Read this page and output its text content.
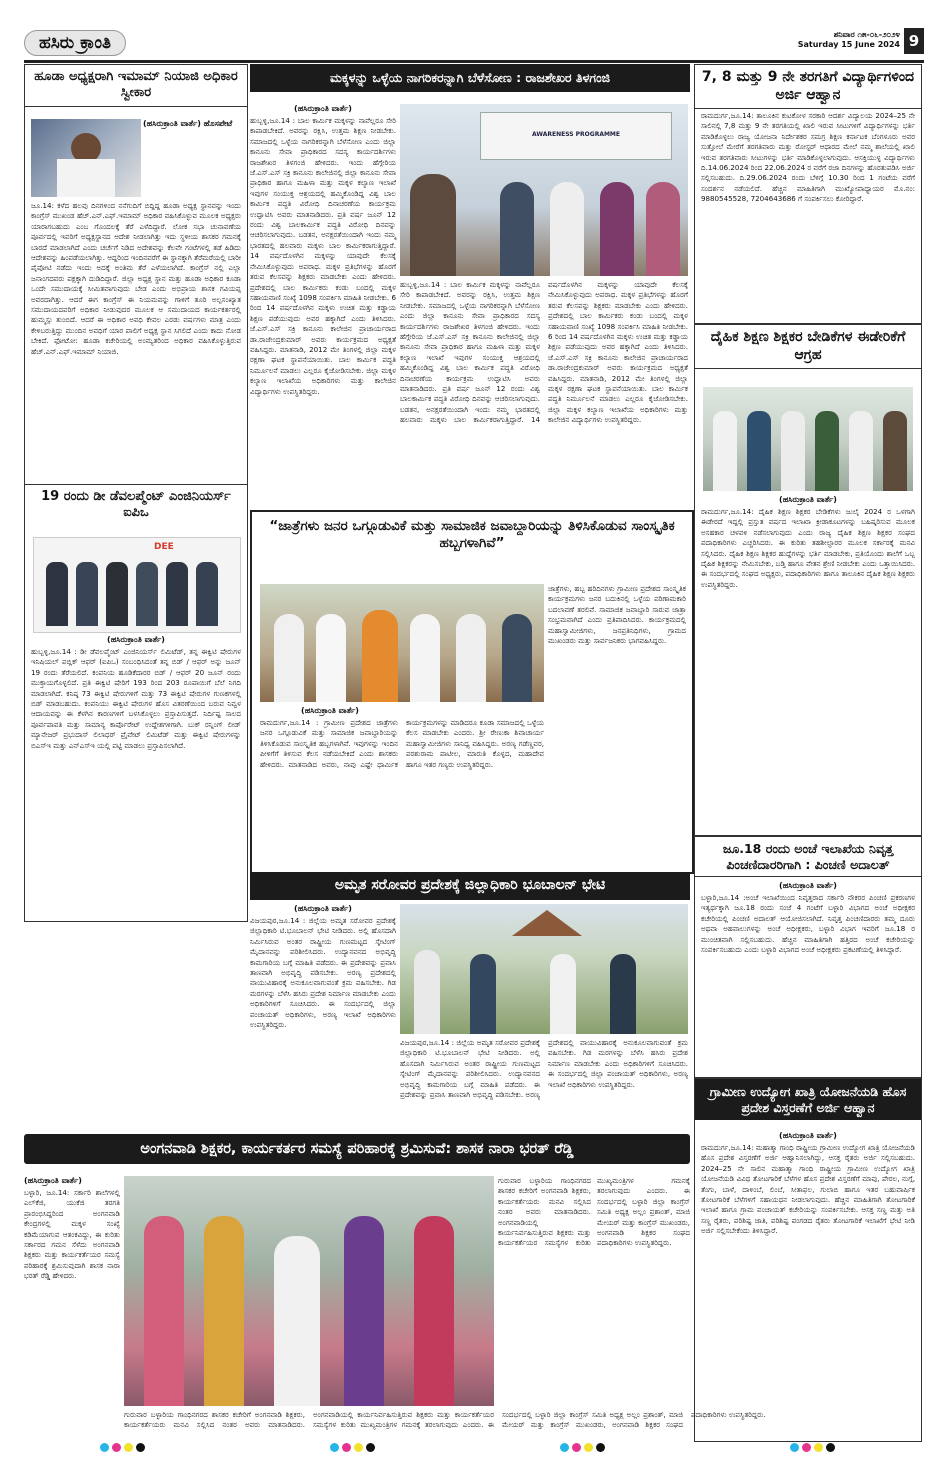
ಹಸಿರು ಕ್ರಾಂತಿ	ಶನಿವಾರ ೧೫-೦೬-೨೦೨೪
Saturday 15 June 2024 9
ಹೂಡಾ ಅಧ್ಯಕ್ಷರಾಗಿ ಇಮಾಮ್ ನಿಯಾಜಿ ಅಧಿಕಾರ ಸ್ವೀಕಾರ
(ಹಸಿರುಕ್ರಾಂತಿ ವಾರ್ತೆ) ಹೊಸಪೇಟೆ
ಜೂ.14: ಕಳೆದ ಹಲವು ದಿನಗಳಿಂದ ನನೆಗುದಿಗೆ ಬಿದ್ದಿದ್ದ ಹೂಡಾ ಅಧ್ಯಕ್ಷ ಸ್ಥಾನವನ್ನು ಇಂದು ಕಾಂಗ್ರೆಸ್ ಮುಖಂಡ ಹೆಚ್.ಎನ್.ಎಫ್.ಇಮಾಮ್ ಅಧಿಕಾರ ವಹಿಸಿಕೊಳ್ಳುವ ಮೂಲಕ ಅಧ್ಯಕ್ಷರು ಯಾರಾಗಬಹುದು ಎಂಬ ಗೊಂದಲಕ್ಕೆ ತೆರೆ ಎಳೆದಿದ್ದಾರೆ. ಲೋಕ ಸಭಾ ಚುನಾವಣೆಯ ಪೂರ್ವದಲ್ಲಿ ಇವರಿಗೆ ಅಧ್ಯಕ್ಷಸ್ಥಾನದ ಆದೇಶ ನೀಡಲಾಗಿತ್ತು ಇದು ಸ್ಥಳೀಯ ಶಾಸಕರ ಗಮನಕ್ಕೆ ಬಾರದೆ ಮಾಡಲಾಗಿದೆ ಎಂದು ಚರ್ಚೆಗೆ ನಿಡಿದ ಅದೇಶವನ್ನು ಕೆಲವೇ ಗಂಟೆಗಳಲ್ಲಿ ತಡೆ ಹಿಡಿದು ಆದೇಶವನ್ನು ಹಿಂಪಡೆಯಲಾಗಿತ್ತು. ಆದ್ದರಿಂದ ಇಂದಿನವರೆಗೆ ಈ ಸ್ಥಾನಕ್ಕಾಗಿ ತೆರೆಮರೆಯಲ್ಲಿ ಬಾರೀ ಪೈಪೋಟಿ ನಡೆದು ಇಂದು ಅದಕ್ಕೆ ಅಂತಿಮ ತೆರೆ ಎಳೆಯಲಾಗಿದೆ. ಕಾಂಗ್ರೆಸ್ ನಲ್ಲಿ ಎಲ್ಲಾ ಜನಾಂಗದವರು ಪಕ್ಷಕ್ಕಾಗಿ ದುಡಿದಿದ್ದಾರೆ. ಜಿಲ್ಲಾ ಅಧ್ಯಕ್ಷ ಸ್ಥಾನ ಮತ್ತು ಹೂಡಾ ಅಧಿಕಾರ ಕೂಡಾ ಒಂದೇ ಸಮುದಾಯಕ್ಕೆ ಸೀಮಿತವಾಗುವುದು ಬೇಡ ಎಂದು ಅಭಿಪ್ರಾಯ ಶಾಸಕ ಗವಿಯಪ್ಪ ಅವರದಾಗಿತ್ತು. ಆದರೆ ಈಗ ಕಾಂಗ್ರೆಸ್ ಈ ನಿಯಮವನ್ನು ಗಾಳಿಗೆ ತೂರಿ ಅಲ್ಪಸಂಖ್ಯಾತ ಸಮುದಾಯದವರಿಗೆ ಅಧಿಕಾರ ನೀಡುವುದರ ಮೂಲಕ ಆ ಸಮುದಾಯದ ಕಾರ್ಯಕರ್ತರಲ್ಲಿ ಹುಮ್ಮಸ್ಸು ತುಂಬಿದೆ. ಆದರೆ ಈ ಅಧಿಕಾರ ಅವಧಿ ಕೇವಲ ಎರಡು ವರ್ಷಗಳು ಮಾತ್ರ ಎಂದು ಕೇಳಿಬರುತ್ತಿದ್ದು ಮುಂದಿನ ಅವಧಿಗೆ ಯಾರ ಪಾಲಿಗೆ ಅಧ್ಯಕ್ಷ ಸ್ಥಾನ ಸಿಗಲಿದೆ ಎಂದು ಕಾದು ನೋಡ ಬೇಕಿದೆ. ಫೋಟೋ: ಹೂಡಾ ಕಚೇರಿಯಲ್ಲಿ ಅಂಮ್ಯತರಿಂದ ಅಧಿಕಾರ ವಹಿಸಿಕೊಳ್ಳುತ್ತಿರುವ ಹೆಚ್.ಎನ್.ಎಫ್.ಇಮಾಮ್ ನಿಯಾಜಿ.
19 ರಂದು ಡೀ ಡೆವಲಪ್ಮೆಂಟ್ ಎಂಜಿನಿಯರ್ಸ್ ಐಪಿಒ
DEE
(ಹಸಿರುಕ್ರಾಂತಿ ವಾರ್ತೆ)
ಹುಬ್ಬಳ್ಳಿ,ಜೂ.14 : ಡೀ ಡೆವಲಪ್ಮೆಂಟ್ ಎಂಜಿನಿಯರ್ಸ್ ಲಿಮಿಟೆಡ್, ತನ್ನ ಈಕ್ವಿಟಿ ಷೇರುಗಳ ಇನಿಷಿಯಲ್ ಪಬ್ಲಿಕ್ ಆಫರ್ (ಐಪಿಒ) ಸಂಬಂಧಿಸಿದಂತೆ ತನ್ನ ಬಿಡ್ / ಆಫರ್ ಅನ್ನು ಜೂನ್ 19 ರಂದು ತೆರೆಯಲಿದೆ. ಕಂಪನಿಯ ಹೂಡಿಕೆದಾರರ ಬಿಡ್ / ಆಫರ್ 20 ಜೂನ್ ರಂದು ಮುಕ್ತಾಯಗೊಳ್ಳಲಿದೆ. ಪ್ರತಿ ಈಕ್ವಿಟಿ ಷೇರಿಗೆ 193 ರಿಂದ 203 ರೂಪಾಯಿಗೆ ಬೆಲೆ ನಿಗದಿ ಮಾಡಲಾಗಿದೆ. ಕನಿಷ್ಠ 73 ಈಕ್ವಿಟಿ ಷೇರುಗಳಿಗೆ ಮತ್ತು 73 ಈಕ್ವಿಟಿ ಷೇರುಗಳ ಗುಣಕಗಳಲ್ಲಿ ಬಿಡ್ ಮಾಡಬಹುದು. ಕಂಪನಿಯು ಈಕ್ವಿಟಿ ಷೇರುಗಳ ಹೊಸ ವಿತರಣೆಯಿಂದ ಬರುವ ನಿವ್ವಳ ಆದಾಯವನ್ನು ಈ ಕೆಳಗಿನ ಕಾರಣಗಳಿಗೆ ಬಳಸಿಕೊಳ್ಳಲು ಪ್ರಸ್ತಾಪಿಸುತ್ತದೆ. ನಿರ್ದಿಷ್ಟ ಸಾಲದ ಪೂರ್ವಪಾವತಿ ಮತ್ತು ಸಾಮಾನ್ಯ ಕಾರ್ಪೊರೇಟ್ ಉದ್ದೇಶಗಳಿಗಾಗಿ. ಬುಕ್ ರನ್ನಿಂಗ್ ಲೀಡ್ ಮ್ಯಾನೇಜರ್ ಪ್ರಭುದಾಸ್ ಲಿಲಾಧರ್ ಪ್ರೈವೇಟ್ ಲಿಮಿಟೆಡ್ ಮತ್ತು ಈಕ್ವಿಟಿ ಷೇರುಗಳನ್ನು ಬಿಎಸ್‌ಇ ಮತ್ತು ಎನ್‌ಎಸ್‌ಇ ಯಲ್ಲಿ ಪಟ್ಟಿ ಮಾಡಲು ಪ್ರಸ್ತಾಪಿಸಲಾಗಿದೆ.
ಮಕ್ಕಳನ್ನು ಒಳ್ಳೆಯ ನಾಗರಿಕರನ್ನಾಗಿ ಬೆಳೆಸೋಣ : ರಾಜಶೇಖರ ತಿಳಗಂಜಿ
(ಹಸಿರುಕ್ರಾಂತಿ ವಾರ್ತೆ)
AWARENESS PROGRAMME
ಹುಬ್ಬಳ್ಳಿ,ಜೂ.14 : ಬಾಲ ಕಾರ್ಮಿಕ ಮಕ್ಕಳನ್ನು ನಾವೆಲ್ಲರೂ ಸೇರಿ ಕಾಪಾಡಬೇಕಿದೆ. ಅವರನ್ನು ರಕ್ಷಿಸಿ, ಉತ್ತಮ ಶಿಕ್ಷಣ ನೀಡಬೇಕು. ಸಮಾಜದಲ್ಲಿ ಒಳ್ಳೆಯ ನಾಗರಿಕರನ್ನಾಗಿ ಬೆಳೆಸೋಣ ಎಂದು ಜಿಲ್ಲಾ ಕಾನೂನು ಸೇವಾ ಪ್ರಾಧಿಕಾರದ ಸದಸ್ಯ ಕಾರ್ಯದರ್ಶಿಗಳು ರಾಜಶೇಖರ ತಿಳಗಂಜಿ ಹೇಳಿದರು. ಇಂದು ಹೆಗ್ಗೇರಿಯ ಜೆ.ಎಸ್.ಎಸ್ ಸಕ್ರಿ ಕಾನೂನು ಕಾಲೇಜಿನಲ್ಲಿ ಜಿಲ್ಲಾ ಕಾನೂನು ಸೇವಾ ಪ್ರಾಧಿಕಾರ ಹಾಗೂ ಮಹಿಳಾ ಮತ್ತು ಮಕ್ಕಳ ಕಲ್ಯಾಣ ಇಲಾಖೆ ಇವುಗಳ ಸಂಯುಕ್ತ ಆಶ್ರಯದಲ್ಲಿ ಹಮ್ಮಿಕೊಂಡಿದ್ದ ವಿಶ್ವ ಬಾಲ ಕಾರ್ಮಿಕ ಪದ್ಧತಿ ವಿರೋಧಿ ದಿನಾಚರಣೆಯ ಕಾರ್ಯಕ್ರಮ ಉದ್ಘಾಟಿಸಿ ಅವರು ಮಾತನಾಡಿದರು. ಪ್ರತಿ ವರ್ಷ ಜೂನ್ 12 ರಂದು ವಿಶ್ವ ಬಾಲಕಾರ್ಮಿಕ ಪದ್ಧತಿ ವಿರೋಧಿ ದಿನವನ್ನು ಆಚರಿಸಲಾಗುವುದು. ಬಡತನ, ಅನಕ್ಷರತೆಯಿಂದಾಗಿ ಇಂದು ನಮ್ಮ ಭಾರತದಲ್ಲಿ ಹಲವಾರು ಮಕ್ಕಳು ಬಾಲ ಕಾರ್ಮಿಕರಾಗುತ್ತಿದ್ದಾರೆ. 14 ವರ್ಷದೊಳಗಿನ ಮಕ್ಕಳನ್ನು ಯಾವುದೇ ಕೆಲಸಕ್ಕೆ ನೇಮಿಸಿಕೊಳ್ಳುವುದು ಅಪರಾಧ. ಮಕ್ಕಳ ಪ್ರತಿಭೆಗಳನ್ನು ಹೊರಗೆ ತರುವ ಕೆಲಸವನ್ನು ಶಿಕ್ಷಕರು ಮಾಡಬೇಕು ಎಂದು ಹೇಳಿದರು. ಪ್ರದೇಶದಲ್ಲಿ ಬಾಲ ಕಾರ್ಮಿಕರು ಕಂಡು ಬಂದಲ್ಲಿ ಮಕ್ಕಳ ಸಹಾಯವಾಣಿ ಸಂಖ್ಯೆ 1098 ಸಂಪರ್ಕಿಸಿ ಮಾಹಿತಿ ನೀಡಬೇಕು. 6 ರಿಂದ 14 ವರ್ಷದೊಳಗಿನ ಮಕ್ಕಳು ಉಚಿತ ಮತ್ತು ಕಡ್ಡಾಯ ಶಿಕ್ಷಣ ಪಡೆಯುವುದು ಅವರ ಹಕ್ಕಾಗಿದೆ ಎಂದು ತಿಳಿಸಿದರು. ಜೆ.ಎಸ್.ಎಸ್ ಸಕ್ರಿ ಕಾನೂನು ಕಾಲೇಜಿನ ಪ್ರಾಚಾರ್ಯರಾದ ಡಾ.ರಾಜೇಂದ್ರಕುಮಾರ್ ಅವರು ಕಾರ್ಯಕ್ರಮದ ಅಧ್ಯಕ್ಷತೆ ವಹಿಸಿದ್ದರು. ಮಾತನಾಡಿ, 2012 ಮೇ ತಿಂಗಳಲ್ಲಿ ಜಿಲ್ಲಾ ಮಕ್ಕಳ ರಕ್ಷಣಾ ಘಟಕ ಸ್ಥಾಪನೆಯಾಯಿತು. ಬಾಲ ಕಾರ್ಮಿಕ ಪದ್ಧತಿ ನಿರ್ಮೂಲನೆ ಮಾಡಲು ಎಲ್ಲರೂ ಕೈಜೋಡಿಸಬೇಕು. ಜಿಲ್ಲಾ ಮಕ್ಕಳ ಕಲ್ಯಾಣ ಇಲಾಖೆಯ ಅಧಿಕಾರಿಗಳು ಮತ್ತು ಕಾಲೇಜಿನ ವಿದ್ಯಾರ್ಥಿಗಳು ಉಪಸ್ಥಿತರಿದ್ದರು.
ಹುಬ್ಬಳ್ಳಿ,ಜೂ.14 : ಬಾಲ ಕಾರ್ಮಿಕ ಮಕ್ಕಳನ್ನು ನಾವೆಲ್ಲರೂ ಸೇರಿ ಕಾಪಾಡಬೇಕಿದೆ. ಅವರನ್ನು ರಕ್ಷಿಸಿ, ಉತ್ತಮ ಶಿಕ್ಷಣ ನೀಡಬೇಕು. ಸಮಾಜದಲ್ಲಿ ಒಳ್ಳೆಯ ನಾಗರಿಕರನ್ನಾಗಿ ಬೆಳೆಸೋಣ ಎಂದು ಜಿಲ್ಲಾ ಕಾನೂನು ಸೇವಾ ಪ್ರಾಧಿಕಾರದ ಸದಸ್ಯ ಕಾರ್ಯದರ್ಶಿಗಳು ರಾಜಶೇಖರ ತಿಳಗಂಜಿ ಹೇಳಿದರು. ಇಂದು ಹೆಗ್ಗೇರಿಯ ಜೆ.ಎಸ್.ಎಸ್ ಸಕ್ರಿ ಕಾನೂನು ಕಾಲೇಜಿನಲ್ಲಿ ಜಿಲ್ಲಾ ಕಾನೂನು ಸೇವಾ ಪ್ರಾಧಿಕಾರ ಹಾಗೂ ಮಹಿಳಾ ಮತ್ತು ಮಕ್ಕಳ ಕಲ್ಯಾಣ ಇಲಾಖೆ ಇವುಗಳ ಸಂಯುಕ್ತ ಆಶ್ರಯದಲ್ಲಿ ಹಮ್ಮಿಕೊಂಡಿದ್ದ ವಿಶ್ವ ಬಾಲ ಕಾರ್ಮಿಕ ಪದ್ಧತಿ ವಿರೋಧಿ ದಿನಾಚರಣೆಯ ಕಾರ್ಯಕ್ರಮ ಉದ್ಘಾಟಿಸಿ ಅವರು ಮಾತನಾಡಿದರು. ಪ್ರತಿ ವರ್ಷ ಜೂನ್ 12 ರಂದು ವಿಶ್ವ ಬಾಲಕಾರ್ಮಿಕ ಪದ್ಧತಿ ವಿರೋಧಿ ದಿನವನ್ನು ಆಚರಿಸಲಾಗುವುದು. ಬಡತನ, ಅನಕ್ಷರತೆಯಿಂದಾಗಿ ಇಂದು ನಮ್ಮ ಭಾರತದಲ್ಲಿ ಹಲವಾರು ಮಕ್ಕಳು ಬಾಲ ಕಾರ್ಮಿಕರಾಗುತ್ತಿದ್ದಾರೆ. 14 ವರ್ಷದೊಳಗಿನ ಮಕ್ಕಳನ್ನು ಯಾವುದೇ ಕೆಲಸಕ್ಕೆ ನೇಮಿಸಿಕೊಳ್ಳುವುದು ಅಪರಾಧ. ಮಕ್ಕಳ ಪ್ರತಿಭೆಗಳನ್ನು ಹೊರಗೆ ತರುವ ಕೆಲಸವನ್ನು ಶಿಕ್ಷಕರು ಮಾಡಬೇಕು ಎಂದು ಹೇಳಿದರು. ಪ್ರದೇಶದಲ್ಲಿ ಬಾಲ ಕಾರ್ಮಿಕರು ಕಂಡು ಬಂದಲ್ಲಿ ಮಕ್ಕಳ ಸಹಾಯವಾಣಿ ಸಂಖ್ಯೆ 1098 ಸಂಪರ್ಕಿಸಿ ಮಾಹಿತಿ ನೀಡಬೇಕು. 6 ರಿಂದ 14 ವರ್ಷದೊಳಗಿನ ಮಕ್ಕಳು ಉಚಿತ ಮತ್ತು ಕಡ್ಡಾಯ ಶಿಕ್ಷಣ ಪಡೆಯುವುದು ಅವರ ಹಕ್ಕಾಗಿದೆ ಎಂದು ತಿಳಿಸಿದರು. ಜೆ.ಎಸ್.ಎಸ್ ಸಕ್ರಿ ಕಾನೂನು ಕಾಲೇಜಿನ ಪ್ರಾಚಾರ್ಯರಾದ ಡಾ.ರಾಜೇಂದ್ರಕುಮಾರ್ ಅವರು ಕಾರ್ಯಕ್ರಮದ ಅಧ್ಯಕ್ಷತೆ ವಹಿಸಿದ್ದರು. ಮಾತನಾಡಿ, 2012 ಮೇ ತಿಂಗಳಲ್ಲಿ ಜಿಲ್ಲಾ ಮಕ್ಕಳ ರಕ್ಷಣಾ ಘಟಕ ಸ್ಥಾಪನೆಯಾಯಿತು. ಬಾಲ ಕಾರ್ಮಿಕ ಪದ್ಧತಿ ನಿರ್ಮೂಲನೆ ಮಾಡಲು ಎಲ್ಲರೂ ಕೈಜೋಡಿಸಬೇಕು. ಜಿಲ್ಲಾ ಮಕ್ಕಳ ಕಲ್ಯಾಣ ಇಲಾಖೆಯ ಅಧಿಕಾರಿಗಳು ಮತ್ತು ಕಾಲೇಜಿನ ವಿದ್ಯಾರ್ಥಿಗಳು ಉಪಸ್ಥಿತರಿದ್ದರು.
“ಜಾತ್ರೆಗಳು ಜನರ ಒಗ್ಗೂಡುವಿಕೆ ಮತ್ತು ಸಾಮಾಜಿಕ ಜವಾಬ್ದಾರಿಯನ್ನು ತಿಳಿಸಿಕೊಡುವ ಸಾಂಸ್ಕೃತಿಕ ಹಬ್ಬಗಳಾಗಿವೆ”
(ಹಸಿರುಕ್ರಾಂತಿ ವಾರ್ತೆ)
ಜಾತ್ರೆಗಳು, ಹಬ್ಬ ಹರಿದಿನಗಳು ಗ್ರಾಮೀಣ ಪ್ರದೇಶದ ಸಾಂಸ್ಕೃತಿಕ ಕಾರ್ಯಕ್ರಮಗಳು ಜನರ ಬದುಕಿನಲ್ಲಿ ಒಳ್ಳೆಯ ಪರಿಣಾಮಕಾರಿ ಬದಲಾವಣೆ ತರಲಿವೆ. ಸಾಮಾಜಿಕ ಜವಾಬ್ದಾರಿ ಸಾರುವ ಜಾತ್ರಾ ಸಂಭ್ರಮವಾಗಿದೆ ಎಂದು ಪ್ರತಿಪಾದಿಸಿದರು. ಕಾರ್ಯಕ್ರಮದಲ್ಲಿ ಮಹಾಸ್ವಾಮೀಜಿಗಳು, ಜನಪ್ರತಿನಿಧಿಗಳು, ಗ್ರಾಮದ ಮುಖಂಡರು ಮತ್ತು ಸಾರ್ವಜನಿಕರು ಭಾಗವಹಿಸಿದ್ದರು.
ರಾಮದುರ್ಗ,ಜೂ.14 : ಗ್ರಾಮೀಣ ಪ್ರದೇಶದ ಜಾತ್ರೆಗಳು ಜನರ ಒಗ್ಗೂಡುವಿಕೆ ಮತ್ತು ಸಾಮಾಜಿಕ ಜವಾಬ್ದಾರಿಯನ್ನು ತಿಳಿಸಿಕೊಡುವ ಸಾಂಸ್ಕೃತಿಕ ಹಬ್ಬಗಳಾಗಿವೆ. ಇವುಗಳನ್ನು ಇಂದಿನ ಪೀಳಿಗೆಗೆ ತಿಳಿಸುವ ಕೆಲಸ ನಡೆಯಬೇಕಿದೆ ಎಂದು ಶಾಸಕರು ಹೇಳಿದರು. ಮಾತನಾಡಿದ ಅವರು, ನಾವು ಎಷ್ಟೇ ಧಾರ್ಮಿಕ ಕಾರ್ಯಕ್ರಮಗಳನ್ನು ಮಾಡಿದರೂ ಕೂಡಾ ಸಮಾಜದಲ್ಲಿ ಒಳ್ಳೆಯ ಕೆಲಸ ಮಾಡಬೇಕು ಎಂದರು. ಶ್ರೀ ರೇಣುಕಾ ಶಿವಾಚಾರ್ಯ ಮಹಾಸ್ವಾಮೀಜಿಗಳು ಸಾನಿಧ್ಯ ವಹಿಸಿದ್ದರು. ಅರಣ್ಯ ಗಡೆಣ್ಣವರ, ಪರಶುರಾಮ ಪಾಟೀಲ, ಮಾರುತಿ ಕೊಳ್ಳದ, ಮಹಾದೇವ ಹಾಗೂ ಇತರ ಗಣ್ಯರು ಉಪಸ್ಥಿತರಿದ್ದರು.
ಅಮೃತ ಸರೋವರ ಪ್ರದೇಶಕ್ಕೆ ಜಿಲ್ಲಾಧಿಕಾರಿ ಭೂಬಾಲನ್ ಭೇಟಿ
(ಹಸಿರುಕ್ರಾಂತಿ ವಾರ್ತೆ)
ವಿಜಯಪುರ,ಜೂ.14 : ಜಿಲ್ಲೆಯ ಅಮೃತ ಸರೋವರ ಪ್ರದೇಶಕ್ಕೆ ಜಿಲ್ಲಾಧಿಕಾರಿ ಟಿ.ಭೂಬಾಲನ್ ಭೇಟಿ ನೀಡಿದರು. ಅಲ್ಲಿ ಹೊಸದಾಗಿ ನಿರ್ಮಿಸಿರುವ ಅಂತರ ರಾಷ್ಟ್ರೀಯ ಗುಣಮಟ್ಟದ ಸ್ಕೇಟಿಂಗ್ ಮೈದಾನವನ್ನು ಪರಿಶೀಲಿಸಿದರು. ಉದ್ಯಾನವನದ ಅಭಿವೃದ್ಧಿ ಕಾಮಗಾರಿಯ ಬಗ್ಗೆ ಮಾಹಿತಿ ಪಡೆದರು. ಈ ಪ್ರದೇಶವನ್ನು ಪ್ರವಾಸಿ ತಾಣವಾಗಿ ಅಭಿವೃದ್ಧಿ ಪಡಿಸಬೇಕು. ಅರಣ್ಯ ಪ್ರದೇಶದಲ್ಲಿ ವಾಯುವಿಹಾರಕ್ಕೆ ಅನುಕೂಲವಾಗುವಂತೆ ಕ್ರಮ ವಹಿಸಬೇಕು. ಗಿಡ ಮರಗಳನ್ನು ಬೆಳೆಸಿ ಹಸಿರು ಪ್ರದೇಶ ನಿರ್ಮಾಣ ಮಾಡಬೇಕು ಎಂದು ಅಧಿಕಾರಿಗಳಿಗೆ ಸೂಚಿಸಿದರು. ಈ ಸಂದರ್ಭದಲ್ಲಿ ಜಿಲ್ಲಾ ಪಂಚಾಯತ್ ಅಧಿಕಾರಿಗಳು, ಅರಣ್ಯ ಇಲಾಖೆ ಅಧಿಕಾರಿಗಳು ಉಪಸ್ಥಿತರಿದ್ದರು.
ವಿಜಯಪುರ,ಜೂ.14 : ಜಿಲ್ಲೆಯ ಅಮೃತ ಸರೋವರ ಪ್ರದೇಶಕ್ಕೆ ಜಿಲ್ಲಾಧಿಕಾರಿ ಟಿ.ಭೂಬಾಲನ್ ಭೇಟಿ ನೀಡಿದರು. ಅಲ್ಲಿ ಹೊಸದಾಗಿ ನಿರ್ಮಿಸಿರುವ ಅಂತರ ರಾಷ್ಟ್ರೀಯ ಗುಣಮಟ್ಟದ ಸ್ಕೇಟಿಂಗ್ ಮೈದಾನವನ್ನು ಪರಿಶೀಲಿಸಿದರು. ಉದ್ಯಾನವನದ ಅಭಿವೃದ್ಧಿ ಕಾಮಗಾರಿಯ ಬಗ್ಗೆ ಮಾಹಿತಿ ಪಡೆದರು. ಈ ಪ್ರದೇಶವನ್ನು ಪ್ರವಾಸಿ ತಾಣವಾಗಿ ಅಭಿವೃದ್ಧಿ ಪಡಿಸಬೇಕು. ಅರಣ್ಯ ಪ್ರದೇಶದಲ್ಲಿ ವಾಯುವಿಹಾರಕ್ಕೆ ಅನುಕೂಲವಾಗುವಂತೆ ಕ್ರಮ ವಹಿಸಬೇಕು. ಗಿಡ ಮರಗಳನ್ನು ಬೆಳೆಸಿ ಹಸಿರು ಪ್ರದೇಶ ನಿರ್ಮಾಣ ಮಾಡಬೇಕು ಎಂದು ಅಧಿಕಾರಿಗಳಿಗೆ ಸೂಚಿಸಿದರು. ಈ ಸಂದರ್ಭದಲ್ಲಿ ಜಿಲ್ಲಾ ಪಂಚಾಯತ್ ಅಧಿಕಾರಿಗಳು, ಅರಣ್ಯ ಇಲಾಖೆ ಅಧಿಕಾರಿಗಳು ಉಪಸ್ಥಿತರಿದ್ದರು.
ಅಂಗನವಾಡಿ ಶಿಕ್ಷಕರ, ಕಾರ್ಯಕರ್ತರ ಸಮಸ್ಯೆ ಪರಿಹಾರಕ್ಕೆ ಶ್ರಮಿಸುವೆ: ಶಾಸಕ ನಾರಾ ಭರತ್ ರೆಡ್ಡಿ
(ಹಸಿರುಕ್ರಾಂತಿ ವಾರ್ತೆ)
ಬಳ್ಳಾರಿ, ಜೂ.14: ಸರ್ಕಾರಿ ಶಾಲೆಗಳಲ್ಲಿ ಎಲ್‌ಕೆಜಿ, ಯುಕೆಜಿ ತರಗತಿ ಪ್ರಾರಂಭಿಸಿದ್ದರಿಂದ ಅಂಗನವಾಡಿ ಕೇಂದ್ರಗಳಲ್ಲಿ ಮಕ್ಕಳ ಸಂಖ್ಯೆ ಕಡಿಮೆಯಾಗುವ ಆತಂಕವಿದ್ದು, ಈ ಕುರಿತು ಸರ್ಕಾರದ ಗಮನ ಸೆಳೆದು ಅಂಗನವಾಡಿ ಶಿಕ್ಷಕರು ಮತ್ತು ಕಾರ್ಯಕರ್ತೆಯರ ಸಮಸ್ಯೆ ಪರಿಹಾರಕ್ಕೆ ಶ್ರಮಿಸುವುದಾಗಿ ಶಾಸಕ ನಾರಾ ಭರತ್ ರೆಡ್ಡಿ ಹೇಳಿದರು.
ಗುರುವಾರ ಬಳ್ಳಾರಿಯ ಗಾಂಧಿನಗರದ ಶಾಸಕರ ಕಚೇರಿಗೆ ಅಂಗನವಾಡಿ ಶಿಕ್ಷಕರು, ಕಾರ್ಯಕರ್ತೆಯರು ಮನವಿ ಸಲ್ಲಿಸಿದ ನಂತರ ಅವರು ಮಾತನಾಡಿದರು. ಅಂಗನವಾಡಿಯಲ್ಲಿ ಕಾರ್ಯನಿರ್ವಹಿಸುತ್ತಿರುವ ಶಿಕ್ಷಕರು ಮತ್ತು ಕಾರ್ಯಕರ್ತೆಯರ ಸಮಸ್ಯೆಗಳ ಕುರಿತು ಮುಖ್ಯಮಂತ್ರಿಗಳ ಗಮನಕ್ಕೆ ತರಲಾಗುವುದು ಎಂದರು. ಈ ಸಂದರ್ಭದಲ್ಲಿ ಬಳ್ಳಾರಿ ಜಿಲ್ಲಾ ಕಾಂಗ್ರೆಸ್ ಸಮಿತಿ ಅಧ್ಯಕ್ಷ ಅಲ್ಲಂ ಪ್ರಶಾಂತ್, ಮಾಜಿ ಮೇಯರ್ ಮತ್ತು ಕಾಂಗ್ರೆಸ್ ಮುಖಂಡರು, ಅಂಗನವಾಡಿ ಶಿಕ್ಷಕರ ಸಂಘದ ಪದಾಧಿಕಾರಿಗಳು ಉಪಸ್ಥಿತರಿದ್ದರು.
ಗುರುವಾರ ಬಳ್ಳಾರಿಯ ಗಾಂಧಿನಗರದ ಶಾಸಕರ ಕಚೇರಿಗೆ ಅಂಗನವಾಡಿ ಶಿಕ್ಷಕರು, ಕಾರ್ಯಕರ್ತೆಯರು ಮನವಿ ಸಲ್ಲಿಸಿದ ನಂತರ ಅವರು ಮಾತನಾಡಿದರು. ಅಂಗನವಾಡಿಯಲ್ಲಿ ಕಾರ್ಯನಿರ್ವಹಿಸುತ್ತಿರುವ ಶಿಕ್ಷಕರು ಮತ್ತು ಕಾರ್ಯಕರ್ತೆಯರ ಸಮಸ್ಯೆಗಳ ಕುರಿತು ಮುಖ್ಯಮಂತ್ರಿಗಳ ಗಮನಕ್ಕೆ ತರಲಾಗುವುದು ಎಂದರು. ಈ ಸಂದರ್ಭದಲ್ಲಿ ಬಳ್ಳಾರಿ ಜಿಲ್ಲಾ ಕಾಂಗ್ರೆಸ್ ಸಮಿತಿ ಅಧ್ಯಕ್ಷ ಅಲ್ಲಂ ಪ್ರಶಾಂತ್, ಮಾಜಿ ಮೇಯರ್ ಮತ್ತು ಕಾಂಗ್ರೆಸ್ ಮುಖಂಡರು, ಅಂಗನವಾಡಿ ಶಿಕ್ಷಕರ ಸಂಘದ ಪದಾಧಿಕಾರಿಗಳು ಉಪಸ್ಥಿತರಿದ್ದರು.
7, 8 ಮತ್ತು 9 ನೇ ತರಗತಿಗೆ ವಿದ್ಯಾರ್ಥಿಗಳಿಂದ ಅರ್ಜಿ ಆಹ್ವಾನ
ರಾಮದುರ್ಗ,ಜೂ.14: ತಾಲೂಕಿನ ಕುಟಕೋಳ ಸರಕಾರಿ ಆದರ್ಶ ವಿದ್ಯಾಲಯ 2024–25 ನೇ ಸಾಲಿನಲ್ಲಿ 7,8 ಮತ್ತು 9 ನೇ ತರಗತಿಯಲ್ಲಿ ಖಾಲಿ ಇರುವ ಸೀಟುಗಳಿಗೆ ವಿದ್ಯಾರ್ಥಿಗಳನ್ನು ಭರ್ತಿ ಮಾಡಿಕೊಳ್ಳಲು ರಾಜ್ಯ ಯೋಜನಾ ನಿರ್ದೇಶಕರ ಸಮಗ್ರ ಶಿಕ್ಷಣ ಕರ್ನಾಟಕ ಬೆಂಗಳೂರು ಅವರ ಸುತ್ತೋಲೆ ಮೇರೆಗೆ ತರಗತಿವಾರು ಮತ್ತು ರೋಸ್ಟರ್ ಆಧಾರದ ಮೇಲೆ ನಮ್ಮ ಶಾಲೆಯಲ್ಲಿ ಖಾಲಿ ಇರುವ ತರಗತಿವಾರು ಸೀಟುಗಳನ್ನು ಭರ್ತಿ ಮಾಡಿಕೊಳ್ಳಲಾಗುವುದು. ಆಸಕ್ತಿಯುಳ್ಳ ವಿದ್ಯಾರ್ಥಿಗಳು ದಿ.14.06.2024 ರಿಂದ 22.06.2024 ರ ವರೆಗೆ ರಜಾ ದಿನಗಳನ್ನು ಹೊರತುಪಡಿಸಿ ಅರ್ಜಿ ಸಲ್ಲಿಸಬಹುದು. ದಿ.29.06.2024 ರಂದು ಬೆಳಿಗ್ಗೆ 10.30 ರಿಂದ 1 ಗಂಟೆಯ ವರೆಗೆ ಸಂದರ್ಶನ ನಡೆಯಲಿದೆ. ಹೆಚ್ಚಿನ ಮಾಹಿತಿಗಾಗಿ ಮುಖ್ಯೋಪಾಧ್ಯಾಯರ ಮೊ.ನಂ: 9880545528, 7204643686 ಗೆ ಸಂಪರ್ಕಿಸಲು ಕೋರಿದ್ದಾರೆ.
ದೈಹಿಕ ಶಿಕ್ಷಣ ಶಿಕ್ಷಕರ ಬೇಡಿಕೆಗಳ ಈಡೇರಿಕೆಗೆ ಆಗ್ರಹ
(ಹಸಿರುಕ್ರಾಂತಿ ವಾರ್ತೆ)
ರಾಮದುರ್ಗ,ಜೂ.14: ದೈಹಿಕ ಶಿಕ್ಷಣ ಶಿಕ್ಷಕರ ಬೇಡಿಕೆಗಳು ಜುಲೈ 2024 ರ ಒಳಗಾಗಿ ಈಡೇರದೆ ಇದ್ದಲ್ಲಿ ಪ್ರಸ್ತುತ ವರ್ಷದ ಇಲಾಖಾ ಕ್ರೀಡಾಕೂಟಗಳನ್ನು ಬಹಿಷ್ಕರಿಸುವ ಮೂಲಕ ಅಸಹಕಾರ ಚಳವಳಿ ನಡೆಸಲಾಗುವುದು ಎಂದು ರಾಜ್ಯ ದೈಹಿಕ ಶಿಕ್ಷಣ ಶಿಕ್ಷಕರ ಸಂಘದ ಪದಾಧಿಕಾರಿಗಳು ಎಚ್ಚರಿಸಿದರು. ಈ ಕುರಿತು ತಹಶೀಲ್ದಾರರ ಮೂಲಕ ಸರ್ಕಾರಕ್ಕೆ ಮನವಿ ಸಲ್ಲಿಸಿದರು. ದೈಹಿಕ ಶಿಕ್ಷಣ ಶಿಕ್ಷಕರ ಹುದ್ದೆಗಳನ್ನು ಭರ್ತಿ ಮಾಡಬೇಕು, ಪ್ರತಿಯೊಂದು ಶಾಲೆಗೆ ಒಬ್ಬ ದೈಹಿಕ ಶಿಕ್ಷಕರನ್ನು ನೇಮಿಸಬೇಕು, ಬಡ್ತಿ ಹಾಗೂ ವೇತನ ಶ್ರೇಣಿ ನೀಡಬೇಕು ಎಂದು ಒತ್ತಾಯಿಸಿದರು. ಈ ಸಂದರ್ಭದಲ್ಲಿ ಸಂಘದ ಅಧ್ಯಕ್ಷರು, ಪದಾಧಿಕಾರಿಗಳು ಹಾಗೂ ತಾಲೂಕಿನ ದೈಹಿಕ ಶಿಕ್ಷಣ ಶಿಕ್ಷಕರು ಉಪಸ್ಥಿತರಿದ್ದರು.
ಜೂ.18 ರಂದು ಅಂಚೆ ಇಲಾಖೆಯ ನಿವೃತ್ತ ಪಿಂಚಣಿದಾರರಿಗಾಗಿ : ಪಿಂಚಣಿ ಅದಾಲತ್
(ಹಸಿರುಕ್ರಾಂತಿ ವಾರ್ತೆ)
ಬಳ್ಳಾರಿ,ಜೂ.14 :ಅಂಚೆ ಇಲಾಖೆಯಿಂದ ನಿವೃತ್ತರಾದ ಸರ್ಕಾರಿ ನೌಕರರ ಪಿಂಚಣಿ ಪ್ರಕರಣಗಳ ಇತ್ಯರ್ಥಕ್ಕಾಗಿ ಜೂ.18 ರಂದು ಸಂಜೆ 4 ಗಂಟೆಗೆ ಬಳ್ಳಾರಿ ವಿಭಾಗದ ಅಂಚೆ ಅಧೀಕ್ಷಕರ ಕಚೇರಿಯಲ್ಲಿ ಪಿಂಚಣಿ ಅದಾಲತ್ ಆಯೋಜಿಸಲಾಗಿದೆ. ನಿವೃತ್ತ ಪಿಂಚಣಿದಾರರು ತಮ್ಮ ದೂರು ಅಥವಾ ಅಹವಾಲುಗಳನ್ನು ಅಂಚೆ ಅಧೀಕ್ಷಕರು, ಬಳ್ಳಾರಿ ವಿಭಾಗ ಇವರಿಗೆ ಜೂ.18 ರ ಮುಂಚಿತವಾಗಿ ಸಲ್ಲಿಸಬಹುದು. ಹೆಚ್ಚಿನ ಮಾಹಿತಿಗಾಗಿ ಹತ್ತಿರದ ಅಂಚೆ ಕಚೇರಿಯನ್ನು ಸಂಪರ್ಕಿಸಬಹುದು ಎಂದು ಬಳ್ಳಾರಿ ವಿಭಾಗದ ಅಂಚೆ ಅಧೀಕ್ಷಕರು ಪ್ರಕಟಣೆಯಲ್ಲಿ ತಿಳಿಸಿದ್ದಾರೆ.
ಗ್ರಾಮೀಣ ಉದ್ಯೋಗ ಖಾತ್ರಿ ಯೋಜನೆಯಡಿ ಹೊಸ ಪ್ರದೇಶ ವಿಸ್ತರಣೆಗೆ ಅರ್ಜಿ ಆಹ್ವಾನ
(ಹಸಿರುಕ್ರಾಂತಿ ವಾರ್ತೆ)
ರಾಮದುರ್ಗ,ಜೂ.14: ಮಹಾತ್ಮಾ ಗಾಂಧಿ ರಾಷ್ಟ್ರೀಯ ಗ್ರಾಮೀಣ ಉದ್ಯೋಗ ಖಾತ್ರಿ ಯೋಜನೆಯಡಿ ಹೊಸ ಪ್ರದೇಶ ವಿಸ್ತರಣೆಗೆ ಅರ್ಜಿ ಆಹ್ವಾನಿಸಲಾಗಿದ್ದು, ಆಸಕ್ತ ರೈತರು ಅರ್ಜಿ ಸಲ್ಲಿಸಬಹುದು. 2024–25 ನೇ ಸಾಲಿನ ಮಹಾತ್ಮಾ ಗಾಂಧಿ ರಾಷ್ಟ್ರೀಯ ಗ್ರಾಮೀಣ ಉದ್ಯೋಗ ಖಾತ್ರಿ ಯೋಜನೆಯಡಿ ವಿವಿಧ ತೋಟಗಾರಿಕೆ ಬೆಳೆಗಳ ಹೊಸ ಪ್ರದೇಶ ವಿಸ್ತರಣೆಗೆ ಮಾವು, ಪೇರಲ, ನುಗ್ಗೆ, ತೆಂಗು, ಬಾಳೆ, ದಾಳಿಂಬೆ, ಲಿಂಬೆ, ಸೀತಾಫಲ, ಗುಲಾಬಿ ಹಾಗೂ ಇತರ ಬಹುವಾರ್ಷಿಕ ತೋಟಗಾರಿಕೆ ಬೆಳೆಗಳಿಗೆ ಸಹಾಯಧನ ನೀಡಲಾಗುವುದು. ಹೆಚ್ಚಿನ ಮಾಹಿತಿಗಾಗಿ ತೋಟಗಾರಿಕೆ ಇಲಾಖೆ ಹಾಗೂ ಗ್ರಾಮ ಪಂಚಾಯತ್ ಕಚೇರಿಯನ್ನು ಸಂಪರ್ಕಿಸಬೇಕು. ಆಸಕ್ತ ಸಣ್ಣ ಮತ್ತು ಅತಿ ಸಣ್ಣ ರೈತರು, ಪರಿಶಿಷ್ಟ ಜಾತಿ, ಪರಿಶಿಷ್ಟ ಪಂಗಡದ ರೈತರು ತೋಟಗಾರಿಕೆ ಇಲಾಖೆಗೆ ಭೇಟಿ ನೀಡಿ ಅರ್ಜಿ ಸಲ್ಲಿಸಬೇಕೆಂದು ತಿಳಿಸಿದ್ದಾರೆ.
